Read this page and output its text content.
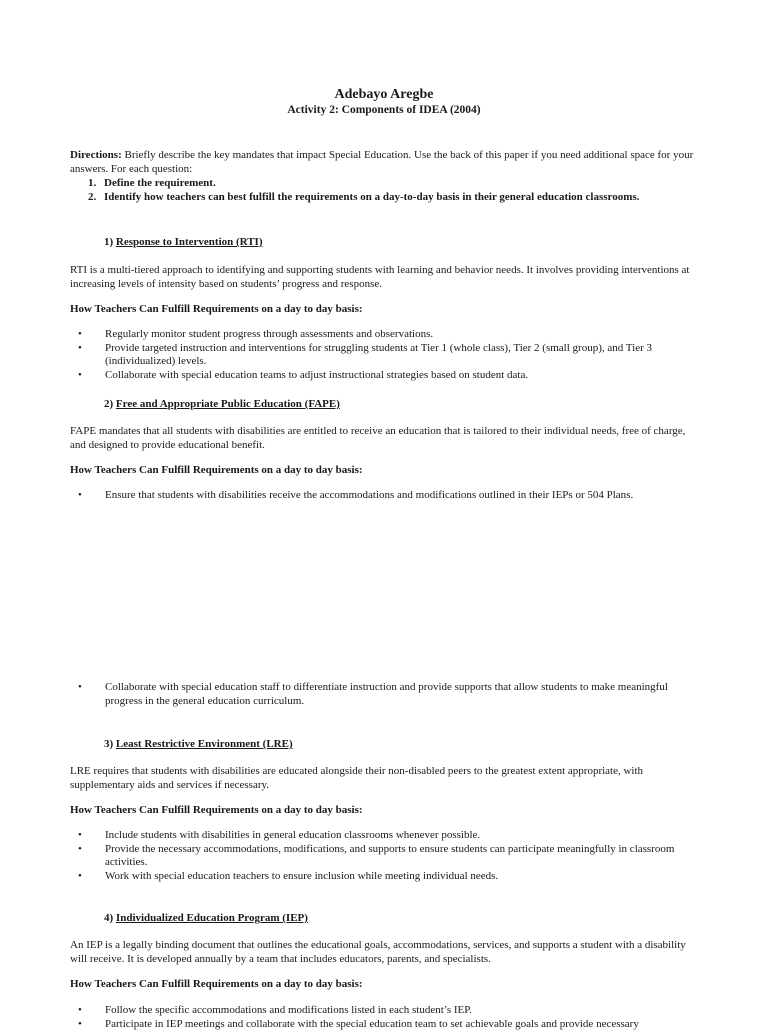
Adebayo Aregbe
Activity 2: Components of IDEA (2004)
Directions: Briefly describe the key mandates that impact Special Education. Use the back of this paper if you need additional space for your answers. For each question:
1. Define the requirement.
2. Identify how teachers can best fulfill the requirements on a day-to-day basis in their general education classrooms.
1) Response to Intervention (RTI)
RTI is a multi-tiered approach to identifying and supporting students with learning and behavior needs. It involves providing interventions at increasing levels of intensity based on students’ progress and response.
How Teachers Can Fulfill Requirements on a day to day basis:
•	Regularly monitor student progress through assessments and observations.
•	Provide targeted instruction and interventions for struggling students at Tier 1 (whole class), Tier 2 (small group), and Tier 3 (individualized) levels.
•	Collaborate with special education teams to adjust instructional strategies based on student data.
2) Free and Appropriate Public Education (FAPE)
FAPE mandates that all students with disabilities are entitled to receive an education that is tailored to their individual needs, free of charge, and designed to provide educational benefit.
How Teachers Can Fulfill Requirements on a day to day basis:
•	Ensure that students with disabilities receive the accommodations and modifications outlined in their IEPs or 504 Plans.
•	Collaborate with special education staff to differentiate instruction and provide supports that allow students to make meaningful progress in the general education curriculum.
3) Least Restrictive Environment (LRE)
LRE requires that students with disabilities are educated alongside their non-disabled peers to the greatest extent appropriate, with supplementary aids and services if necessary.
How Teachers Can Fulfill Requirements on a day to day basis:
•	Include students with disabilities in general education classrooms whenever possible.
•	Provide the necessary accommodations, modifications, and supports to ensure students can participate meaningfully in classroom activities.
•	Work with special education teachers to ensure inclusion while meeting individual needs.
4) Individualized Education Program (IEP)
An IEP is a legally binding document that outlines the educational goals, accommodations, services, and supports a student with a disability will receive. It is developed annually by a team that includes educators, parents, and specialists.
How Teachers Can Fulfill Requirements on a day to day basis:
•	Follow the specific accommodations and modifications listed in each student’s IEP.
•	Participate in IEP meetings and collaborate with the special education team to set achievable goals and provide necessary
